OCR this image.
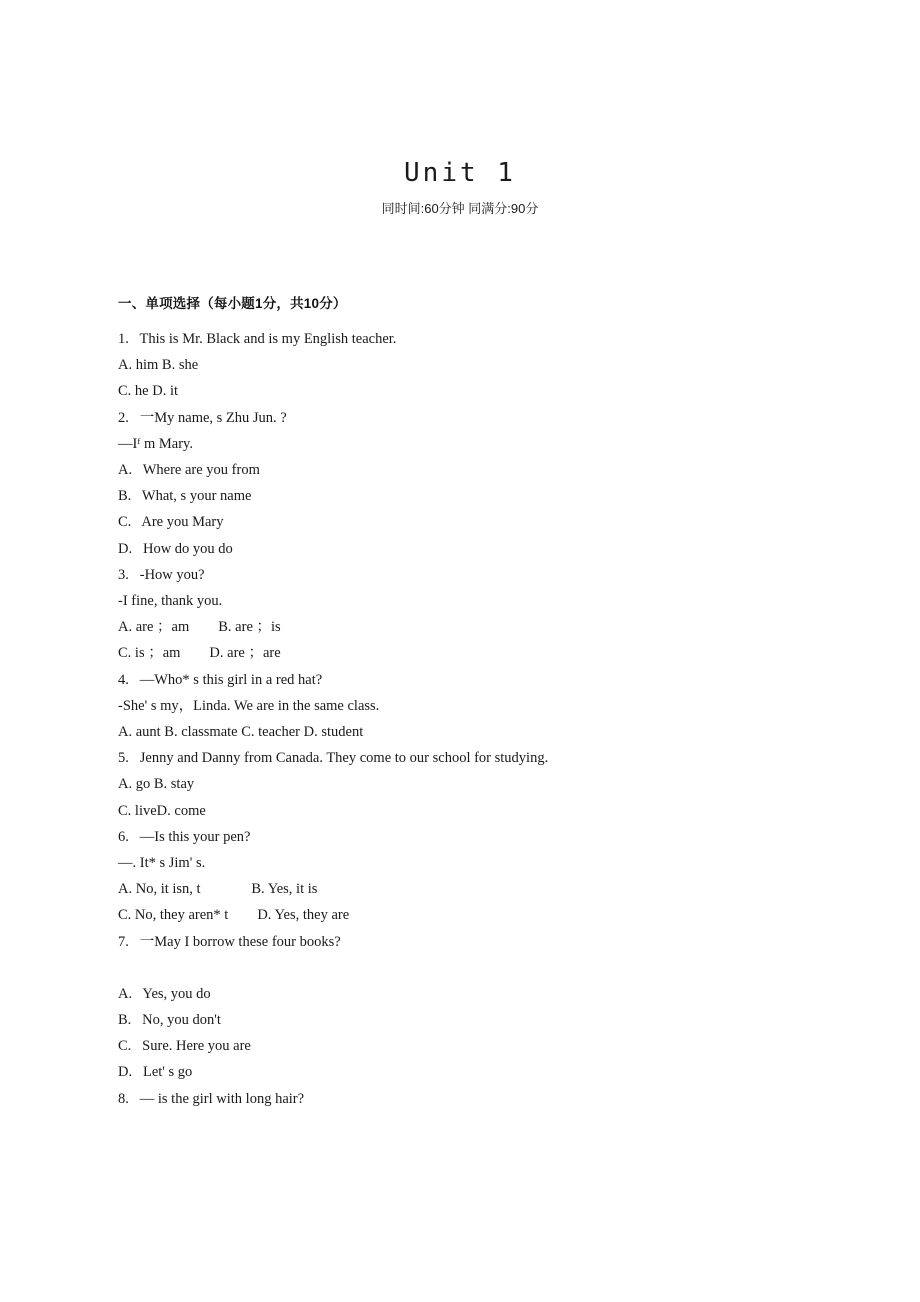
Unit 1
同时间:60分钟 同满分:90分
一、单项选择（每小题1分，共10分）
1.   This is Mr. Black and is my English teacher.
A. him B. she
C. he D. it
2.   一My name, s Zhu Jun. ?
—Iᶠ m Mary.
A.   Where are you from
B.   What, s your name
C.   Are you Mary
D.   How do you do
3.   -How you?
-I fine, thank you.
A. are ；am        B. are ；is
C. is ；am        D. are ；are
4.   —Who* s this girl in a red hat?
-She' s my，Linda. We are in the same class.
A. aunt B. classmate C. teacher D. student
5.   Jenny and Danny from Canada. They come to our school for studying.
A. go B. stay
C. liveD. come
6.   —Is this your pen?
—. It* s Jim' s.
A. No, it isn, t              B. Yes, it is
C. No, they aren* t        D. Yes, they are
7.   一May I borrow these four books?
A.   Yes, you do
B.   No, you don't
C.   Sure. Here you are
D.   Let' s go
8.   — is the girl with long hair?
